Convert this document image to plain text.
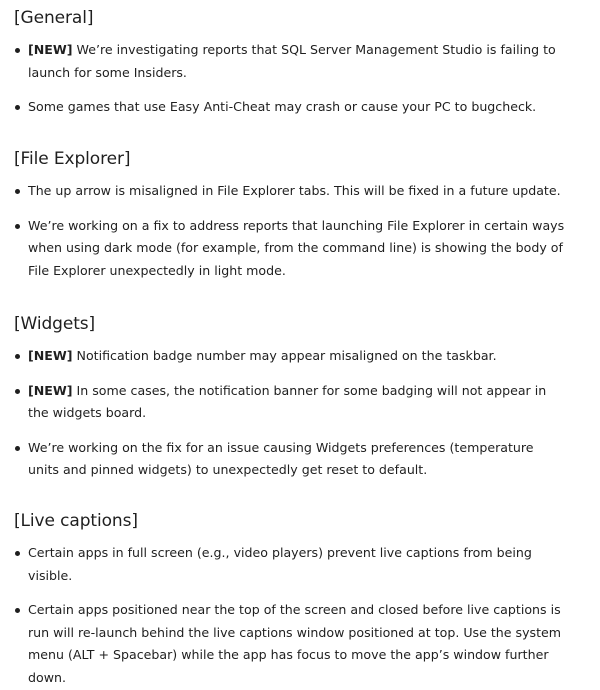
[General]
[NEW] We’re investigating reports that SQL Server Management Studio is failing to launch for some Insiders.
Some games that use Easy Anti-Cheat may crash or cause your PC to bugcheck.
[File Explorer]
The up arrow is misaligned in File Explorer tabs. This will be fixed in a future update.
We’re working on a fix to address reports that launching File Explorer in certain ways when using dark mode (for example, from the command line) is showing the body of File Explorer unexpectedly in light mode.
[Widgets]
[NEW] Notification badge number may appear misaligned on the taskbar.
[NEW] In some cases, the notification banner for some badging will not appear in the widgets board.
We’re working on the fix for an issue causing Widgets preferences (temperature units and pinned widgets) to unexpectedly get reset to default.
[Live captions]
Certain apps in full screen (e.g., video players) prevent live captions from being visible.
Certain apps positioned near the top of the screen and closed before live captions is run will re-launch behind the live captions window positioned at top. Use the system menu (ALT + Spacebar) while the app has focus to move the app’s window further down.
